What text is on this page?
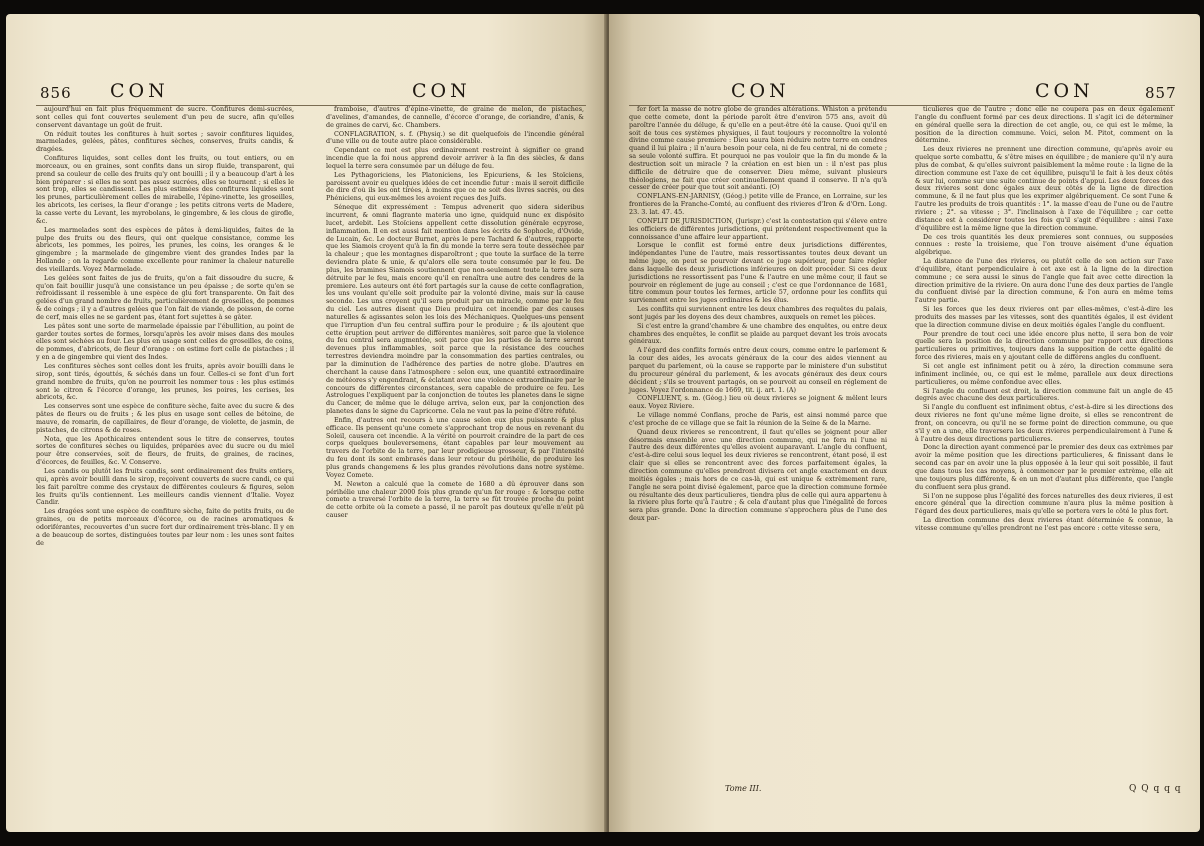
856 CON	CON

aujourd'hui en fait plus fréquemment de sucre. Confitures demi-sucrées, sont celles qui font couvertes seulement d'un peu de sucre, afin qu'elles conservent davantage un goût de fruit.

On réduit toutes les confitures à huit sortes ; savoir confitures liquides, marmelades, gelées, pâtes, confitures sèches, conserves, fruits candis, & dragées.

Confitures liquides, sont celles dont les fruits, ou tout entiers, ou en morceaux, ou en graines, sont confits dans un sirop fluide, transparent, qui prend sa couleur de celle des fruits qu'y ont bouilli ; il y a beaucoup d'art à les bien préparer : si elles ne sont pas assez sucrées, elles se tournent ; si elles le sont trop, elles se candissent. Les plus estimées des confitures liquides sont les prunes, particulièrement celles de mirabelle, l'épine-vinette, les groseilles, les abricots, les cerises, la fleur d'orange ; les petits citrons verts de Madere, la casse verte du Levant, les myrobolans, le gingembre, & les clous de girofle, &c.

Les marmelades sont des espèces de pâtes à demi-liquides, faites de la pulpe des fruits ou des fleurs, qui ont quelque consistance, comme les abricots, les pommes, les poires, les prunes, les coins, les oranges & le gingembre ; la marmelade de gingembre vient des grandes Indes par la Hollande ; on la regarde comme excellente pour ranimer la chaleur naturelle des vieillards. Voyez Marmelade.

Les gelées sont faites de jus de fruits, qu'on a fait dissoudre du sucre, & qu'on fait bouillir jusqu'à une consistance un peu épaisse ; de sorte qu'en se refroidissant il ressemble à une espèce de glu fort transparente. On fait des gelées d'un grand nombre de fruits, particulièrement de groseilles, de pommes & de coings ; il y a d'autres gelées que l'on fait de viande, de poisson, de corne de cerf, mais elles ne se gardent pas, étant fort sujettes à se gâter.

Les pâtes sont une sorte de marmelade épaissie par l'ébullition, au point de garder toutes sortes de formes, lorsqu'après les avoir mises dans des moules elles sont séchées au four. Les plus en usage sont celles de groseilles, de coins, de pommes, d'abricots, de fleur d'orange : on estime fort celle de pistaches ; il y en a de gingembre qui vient des Indes.

Les confitures sèches sont celles dont les fruits, après avoir bouilli dans le sirop, sont tirés, égouttés, & séchés dans un four. Celles-ci se font d'un fort grand nombre de fruits, qu'on ne pourroit les nommer tous : les plus estimés sont le citron & l'écorce d'orange, les prunes, les poires, les cerises, les abricots, &c.

Les conserves sont une espèce de confiture sèche, faite avec du sucre & des pâtes de fleurs ou de fruits ; & les plus en usage sont celles de bétoine, de mauve, de romarin, de capillaires, de fleur d'orange, de violette, de jasmin, de pistaches, de citrons & de roses.

Nota, que les Apothicaires entendent sous le titre de conserves, toutes sortes de confitures sèches ou liquides, préparées avec du sucre ou du miel pour être conservées, soit de fleurs, de fruits, de graines, de racines, d'écorces, de feuilles, &c. V. Conserve.

Les candis ou plutôt les fruits candis, sont ordinairement des fruits entiers, qui, après avoir bouilli dans le sirop, reçoivent couverts de sucre candi, ce qui les fait paroître comme des crystaux de différentes couleurs & figures, selon les fruits qu'ils contiennent. Les meilleurs candis viennent d'Italie. Voyez Candir.

Les dragées sont une espèce de confiture sèche, faite de petits fruits, ou de graines, ou de petits morceaux d'écorce, ou de racines aromatiques & odoriférantes, recouvertes d'un sucre fort dur ordinairement très-blanc. Il y en a de beaucoup de sortes, distinguées toutes par leur nom : les unes sont faites de

framboise, d'autres d'épine-vinette, de graine de melon, de pistaches, d'avelines, d'amandes, de cannelle, d'écorce d'orange, de coriandre, d'anis, & de graines de carvi, &c. Chambers.

CONFLAGRATION, s. f. (Physiq.) se dit quelquefois de l'incendie général d'une ville ou de toute autre place considérable.

Cependant ce mot est plus ordinairement restreint à signifier ce grand incendie que la foi nous apprend devoir arriver à la fin des siècles, & dans lequel la terre sera consumée par un déluge de feu.

Les Pythagoriciens, les Platoniciens, les Epicuriens, & les Stoïciens, paroissent avoir eu quelques idées de cet incendie futur : mais il seroit difficile de dire d'où ils les ont tirées, à moins que ce ne soit des livres sacrés, ou des Phéniciens, qui eux-mêmes les avoient reçues des Juifs.

Séneque dit expressément : Tempus advenerit quo sidera sideribus incurrent, & omni flagrante materia uno igne, quidquid nunc ex dispósito lucet, ardebit. Les Stoïciens appellent cette dissolution générale ecpyrose, inflammation. Il en est aussi fait mention dans les écrits de Sophocle, d'Ovide, de Lucain, &c. Le docteur Burnet, après le pere Tachard & d'autres, rapporte que les Siamois croyent qu'à la fin du monde la terre sera toute desséchée par la chaleur ; que les montagnes disparoîtront ; que toute la surface de la terre deviendra plate & unie, & qu'alors elle sera toute consumée par le feu. De plus, les bramines Siamois soutiennent que non-seulement toute la terre sera détruite par le feu, mais encore qu'il en renaîtra une autre des cendres de la premiere. Les auteurs ont été fort partagés sur la cause de cette conflagration, les uns voulant qu'elle soit produite par la volonté divine, mais sur la cause seconde. Les uns croyent qu'il sera produit par un miracle, comme par le feu du ciel. Les autres disent que Dieu produira cet incendie par des causes naturelles & agissantes selon les lois des Méchaniques. Quelques-uns pensent que l'irruption d'un feu central suffira pour le produire ; & ils ajoutent que cette éruption peut arriver de différentes manières, soit parce que la violence du feu central sera augmentée, soit parce que les parties de la terre seront devenues plus inflammables, soit parce que la résistance des couches terrestres deviendra moindre par la consommation des parties centrales, ou par la diminution de l'adhérence des parties de notre globe. D'autres en cherchant la cause dans l'atmosphere : selon eux, une quantité extraordinaire de météores s'y engendrant, & éclatant avec une violence extraordinaire par le concours de différentes circonstances, sera capable de produire ce feu. Les Astrologues l'expliquent par la conjonction de toutes les planetes dans le signe du Cancer, de même que le déluge arriva, selon eux, par la conjonction des planetes dans le signe du Capricorne. Cela ne vaut pas la peine d'être réfuté.

Enfin, d'autres ont recours à une cause selon eux plus puissante & plus efficace. Ils pensent qu'une comete s'approchant trop de nous en revenant du Soleil, causera cet incendie. A la vérité on pourroit craindre de la part de ces corps quelques bouleversemens, étant capables par leur mouvement au travers de l'orbite de la terre, par leur prodigieuse grosseur, & par l'intensité du feu dont ils sont embrasés dans leur retour du périhélie, de produire les plus grands changemens & les plus grandes révolutions dans notre système. Voyez Comete.

M. Newton a calculé que la comete de 1680 a dû éprouver dans son périhélie une chaleur 2000 fois plus grande qu'un fer rouge : & lorsque cette comete a traversé l'orbite de la terre, la terre se fût trouvée proche du point de cette orbite où la comete a passé, il ne paroît pas douteux qu'elle n'eût pû causer

CON	CON	857

fer fort la masse de notre globe de grandes altérations. Whiston a prétendu que cette comete, dont la période paroît être d'environ 575 ans, avoit dû paroître l'année du déluge, & qu'elle en a peut-être été la cause. Quoi qu'il en soit de tous ces systèmes physiques, il faut toujours y reconnoître la volonté divine comme cause premiere : Dieu saura bien réduire notre terre en cendres quand il lui plaira ; il n'aura besoin pour cela, ni de feu central, ni de comete ; sa seule volonté suffira. Et pourquoi ne pas vouloir que la fin du monde & la destruction soit un miracle ? la création en est bien un : il n'est pas plus difficile de détruire que de conserver. Dieu même, suivant plusieurs théologiens, ne fait que créer continuellement quand il conserve. Il n'a qu'à cesser de créer pour que tout soit anéanti. (O)

CONFLANS-EN-JARNISY, (Géog.) petite ville de France, en Lorraine, sur les frontieres de la Franche-Comté, au confluent des rivieres d'Iron & d'Orn. Long. 23. 3. lat. 47. 45.

CONFLIT DE JURISDICTION, (Jurispr.) c'est la contestation qui s'éleve entre les officiers de différentes jurisdictions, qui prétendent respectivement que la connoissance d'une affaire leur appartient.

Lorsque le conflit est formé entre deux jurisdictions différentes, indépendantes l'une de l'autre, mais ressortissantes toutes deux devant un même juge, on peut se pourvoir devant ce juge supérieur, pour faire régler dans laquelle des deux jurisdictions inférieures on doit procéder. Si ces deux jurisdictions ne ressortissent pas l'une & l'autre en une même cour, il faut se pourvoir en réglement de juge au conseil ; c'est ce que l'ordonnance de 1681, titre commun pour toutes les fermes, article 57, ordonne pour les conflits qui surviennent entre les juges ordinaires & les élus.

Les conflits qui surviennent entre les deux chambres des requêtes du palais, sont jugés par les doyens des deux chambres, auxquels on remet les pièces.

Si c'est entre la grand'chambre & une chambre des enquêtes, ou entre deux chambres des enquêtes, le conflit se plaide au parquet devant les trois avocats généraux.

A l'égard des conflits formés entre deux cours, comme entre le parlement & la cour des aides, les avocats généraux de la cour des aides viennent au parquet du parlement, où la cause se rapporte par le ministere d'un substitut du procureur général du parlement, & les avocats généraux des deux cours décident ; s'ils se trouvent partagés, on se pourvoit au conseil en réglement de juges. Voyez l'ordonnance de 1669, tit. ij. art. 1. (A)

CONFLUENT, s. m. (Géog.) lieu où deux rivieres se joignent & mêlent leurs eaux. Voyez Riviere.

Le village nommé Conflans, proche de Paris, est ainsi nommé parce que c'est proche de ce village que se fait la réunion de la Seine & de la Marne.

Quand deux rivieres se rencontrent, il faut qu'elles se joignent pour aller désormais ensemble avec une direction commune, qui ne fera ni l'une ni l'autre des deux différentes qu'elles avoient auparavant. L'angle du confluent, c'est-à-dire celui sous lequel les deux rivieres se rencontrent, étant posé, il est clair que si elles se rencontrent avec des forces parfaitement égales, la direction commune qu'elles prendront divisera cet angle exactement en deux moitiés égales ; mais hors de ce cas-là, qui est unique & extrèmement rare, l'angle ne sera point divisé également, parce que la direction commune formée ou résultante des deux particulieres, tiendra plus de celle qui aura appartenu à la riviere plus forte qu'à l'autre ; & cela d'autant plus que l'inégalité de forces sera plus grande. Donc la direction commune s'approchera plus de l'une des deux par-

ticulieres que de l'autre ; donc elle ne coupera pas en deux également l'angle du confluent formé par ces deux directions. Il s'agit ici de déterminer en général quelle sera la direction de cet angle, ou, ce qui est le même, la position de la direction commune. Voici, selon M. Pitot, comment on la détermine.

Les deux rivieres ne prennent une direction commune, qu'après avoir eu quelque sorte combattu, & s'être mises en équilibre ; de maniere qu'il n'y aura plus de combat, & qu'elles suivront paisiblement la même route : la ligne de la direction commune est l'axe de cet équilibre, puisqu'il le fait à les deux côtés & sur lui, comme sur une suite continue de points d'appui. Les deux forces des deux rivieres sont donc égales aux deux côtés de la ligne de direction commune, & il ne faut plus que les exprimer algébriquement. Ce sont l'une & l'autre les produits de trois quantités : 1°. la masse d'eau de l'une ou de l'autre riviere ; 2°. sa vitesse ; 3°. l'inclinaison à l'axe de l'équilibre ; car cette distance est à considérer toutes les fois qu'il s'agit d'équilibre : ainsi l'axe d'équilibre est la même ligne que la direction commune.

De ces trois quantités les deux premieres sont connues, ou supposées connues : reste la troisieme, que l'on trouve aisément d'une équation algébrique.

La distance de l'une des rivieres, ou plutôt celle de son action sur l'axe d'équilibre, étant perpendiculaire à cet axe est à la ligne de la direction commune ; ce sera aussi le sinus de l'angle que fait avec cette direction la direction primitive de la riviere. On aura donc l'une des deux parties de l'angle du confluent divisé par la direction commune, & l'on aura en même tems l'autre partie.

Si les forces que les deux rivieres ont par elles-mêmes, c'est-à-dire les produits des masses par les vitesses, sont des quantités égales, il est évident que la direction commune divise en deux moitiés égales l'angle du confluent.

Pour prendre de tout ceci une idée encore plus nette, il sera bon de voir quelle sera la position de la direction commune par rapport aux directions particulieres ou primitives, toujours dans la supposition de cette égalité de force des rivieres, mais en y ajoutant celle de différens angles du confluent.

Si cet angle est infiniment petit ou à zéro, la direction commune sera infiniment inclinée, ou, ce qui est le même, parallele aux deux directions particulieres, ou même confondue avec elles.

Si l'angle du confluent est droit, la direction commune fait un angle de 45 degrés avec chacune des deux particulieres.

Si l'angle du confluent est infiniment obtus, c'est-à-dire si les directions des deux rivieres ne font qu'une même ligne droite, si elles se rencontrent de front, on concevra, ou qu'il ne se forme point de direction commune, ou que s'il y en a une, elle traversera les deux rivieres perpendiculairement à l'une & à l'autre des deux directions particulieres.

Donc la direction ayant commencé par le premier des deux cas extrèmes par avoir la même position que les directions particulieres, & finissant dans le second cas par en avoir une la plus opposée à la leur qui soit possible, il faut que dans tous les cas moyens, à commencer par le premier extrème, elle ait une toujours plus différente, & en un mot d'autant plus différente, que l'angle du confluent sera plus grand.

Si l'on ne suppose plus l'égalité des forces naturelles des deux rivieres, il est encore général que la direction commune n'aura plus la même position à l'égard des deux particulieres, mais qu'elle se portera vers le côté le plus fort.

La direction commune des deux rivieres étant déterminée & connue, la vitesse commune qu'elles prendront ne l'est pas encore : cette vitesse sera,

Tome III.	Q Q q q q
